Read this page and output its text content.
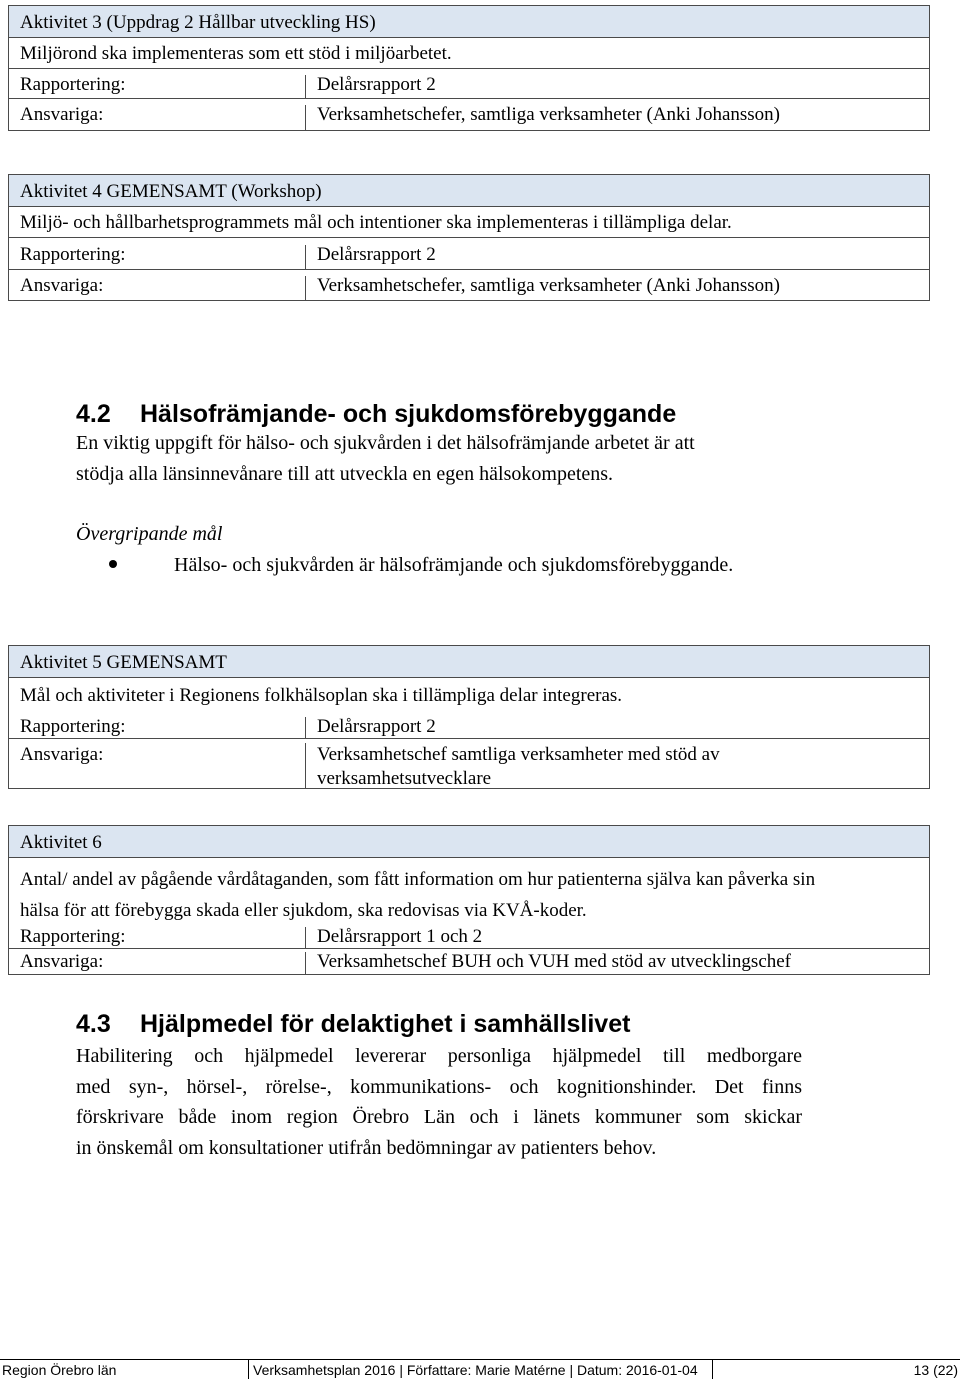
Aktivitet 3 (Uppdrag 2 Hållbar utveckling HS)
Miljörond ska implementeras som ett stöd i miljöarbetet.
Rapportering:	Delårsrapport 2
Ansvariga:	Verksamhetschefer, samtliga verksamheter (Anki Johansson)
Aktivitet 4 GEMENSAMT (Workshop)
Miljö- och hållbarhetsprogrammets mål och intentioner ska implementeras i tillämpliga delar.
Rapportering:	Delårsrapport 2
Ansvariga:	Verksamhetschefer, samtliga verksamheter (Anki Johansson)
4.2 Hälsofrämjande- och sjukdomsförebyggande
En viktig uppgift för hälso- och sjukvården i det hälsofrämjande arbetet är att
stödja alla länsinnevånare till att utveckla en egen hälsokompetens.
Övergripande mål
Hälso- och sjukvården är hälsofrämjande och sjukdomsförebyggande.
Aktivitet 5 GEMENSAMT
Mål och aktiviteter i Regionens folkhälsoplan ska i tillämpliga delar integreras.
Rapportering:	Delårsrapport 2
Ansvariga:	Verksamhetschef samtliga verksamheter med stöd av
verksamhetsutvecklare
Aktivitet 6
Antal/ andel av pågående vårdåtaganden, som fått information om hur patienterna själva kan påverka sin
hälsa för att förebygga skada eller sjukdom, ska redovisas via KVÅ-koder.
Rapportering:	Delårsrapport 1 och 2
Ansvariga:	Verksamhetschef BUH och VUH med stöd av utvecklingschef
4.3 Hjälpmedel för delaktighet i samhällslivet
Habilitering och hjälpmedel levererar personliga hjälpmedel till medborgare
med syn-, hörsel-, rörelse-, kommunikations- och kognitionshinder. Det finns
förskrivare både inom region Örebro Län och i länets kommuner som skickar
in önskemål om konsultationer utifrån bedömningar av patienters behov.
Region Örebro län	Verksamhetsplan 2016 | Författare: Marie Matérne | Datum: 2016-01-04	13 (22)
